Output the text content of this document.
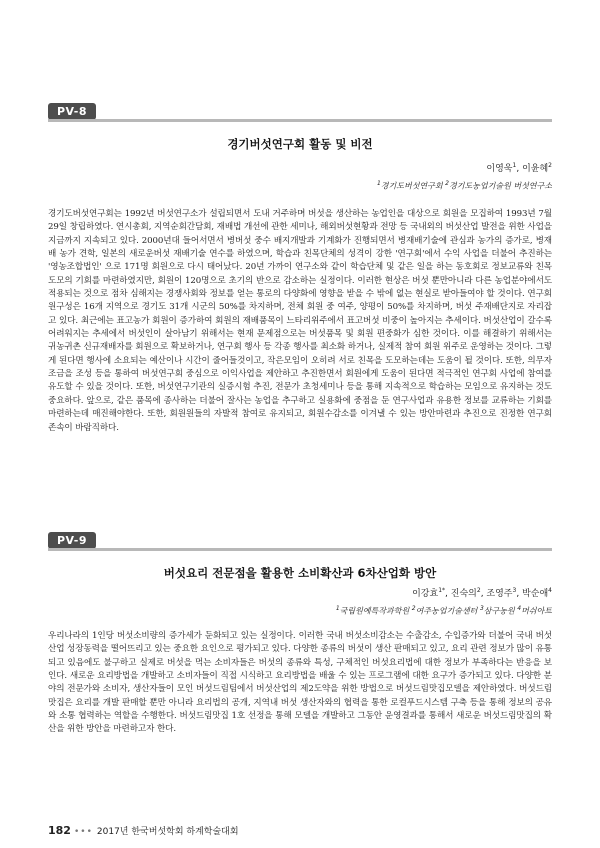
PV-8
경기버섯연구회 활동 및 비전
이영욱$^1$, 이윤혜$^2$
$^1$경기도버섯연구회 $^2$경기도농업기술원 버섯연구소
경기도버섯연구회는 1992년 버섯연구소가 설립되면서 도내 거주하며 버섯을 생산하는 농업인을 대상으로 회원을 모집하여 1993년 7월 29일 창립하였다. 연시총회, 지역순회간담회, 재배법 개선에 관한 세미나, 해외버섯현황과 전망 등 국내외의 버섯산업 발전을 위한 사업을 지금까지 지속되고 있다. 2000년대 들어서면서 병버섯 중수 배지개발과 기계화가 진행되면서 병재배기술에 관심과 농가의 증가로, 병재배 농가 견학, 일본의 새로운버섯 재배기술 연수를 하였으며, 학습과 친목단체의 성격이 강한 '연구회'에서 수익 사업을 더불어 추진하는 '영농조합법인' 으로 171명 회원으로 다시 태어났다. 20년 가까이 연구소와 같이 학습단체 및 같은 일을 하는 동호회로 정보교류와 친목도모의 기회를 마련하였지만, 회원이 120명으로 초기의 반으로 감소하는 실정이다. 이러한 현상은 버섯 뿐만아니라 다른 농업분야에서도 적용되는 것으로 점차 심해지는 경쟁사회와 정보를 얻는 통로의 다양화에 영향을 받을 수 밖에 없는 현실로 받아들여야 할 것이다. 연구회원구성은 16개 지역으로 경기도 31개 시군의 50%를 차지하며, 전체 회원 중 여주, 양평이 50%를 차지하며, 버섯 주재배단지로 자리잡고 있다. 최근에는 표고농가 회원이 증가하여 회원의 재배품목이 느타리위주에서 표고버섯 비중이 높아지는 추세이다. 버섯산업이 갈수록 어려워지는 추세에서 버섯인이 살아남기 위해서는 현재 문제점으로는 버섯품목 및 회원 편중화가 심한 것이다. 이를 해결하기 위해서는 귀농귀촌 신규재배자를 회원으로 확보하거나, 연구회 행사 등 각종 행사를 최소화 하거나, 실제적 참여 회원 위주로 운영하는 것이다. 그렇게 된다면 행사에 소요되는 예산이나 시간이 줄어들것이고, 작은모임이 오히려 서로 친목을 도모하는데는 도움이 될 것이다. 또한, 의무자조금을 조성 등을 통하여 버섯연구회 중심으로 이익사업을 제안하고 추진한면서 회원에게 도움이 된다면 적극적인 연구회 사업에 참여를 유도할 수 있을 것이다. 또한, 버섯연구기관의 실증시험 추진, 전문가 초청세미나 등을 통해 지속적으로 학습하는 모임으로 유지하는 것도 중요하다. 앞으로, 같은 품목에 종사하는 더불어 잘사는 농업을 추구하고 실용화에 중점을 둔 연구사업과 유용한 정보를 교류하는 기회를 마련하는데 매진해야한다. 또한, 회원원들의 자발적 참여로 유지되고, 회원수감소를 이겨낼 수 있는 방안마련과 추진으로 진정한 연구회 존속이 바람직하다.
PV-9
버섯요리 전문점을 활용한 소비확산과 6차산업화 방안
이강효$^{1*}$, 진숙의$^2$, 조영주$^3$, 박순애$^4$
$^1$국립원예특작과학원 $^2$여주농업기술센터 $^3$삼구농원 $^4$머쉬아트
우리나라의 1인당 버섯소비량의 증가세가 둔화되고 있는 실정이다. 이러한 국내 버섯소비감소는 수출감소, 수입증가와 더불어 국내 버섯산업 성장동력을 떨어뜨리고 있는 중요한 요인으로 평가되고 있다. 다양한 종류의 버섯이 생산 판매되고 있고, 요리 관련 정보가 많이 유통되고 있음에도 불구하고 실제로 버섯을 먹는 소비자들은 버섯의 종류와 특성, 구체적인 버섯요리법에 대한 정보가 부족하다는 반응을 보인다. 새로운 요리방법을 개발하고 소비자들이 직접 시식하고 요리방법을 배울 수 있는 프로그램에 대한 요구가 증가되고 있다. 다양한 분야의 전문가와 소비자, 생산자들이 모인 버섯드림팀에서 버섯산업의 제2도약을 위한 방법으로 버섯드림맛집모델을 제안하였다. 버섯드림맛집은 요리를 개발 판매할 뿐만 아니라 요리법의 공개, 지역내 버섯 생산자와의 협력을 통한 로컬푸드시스템 구축 등을 통해 정보의 공유와 소통 협력하는 역할을 수행한다. 버섯드림맛집 1호 선정을 통해 모델을 개발하고 그동안 운영결과를 통해서 새로운 버섯드림맛집의 확산을 위한 방안을 마련하고자 한다.
182 ••• 2017년 한국버섯학회 하계학술대회
